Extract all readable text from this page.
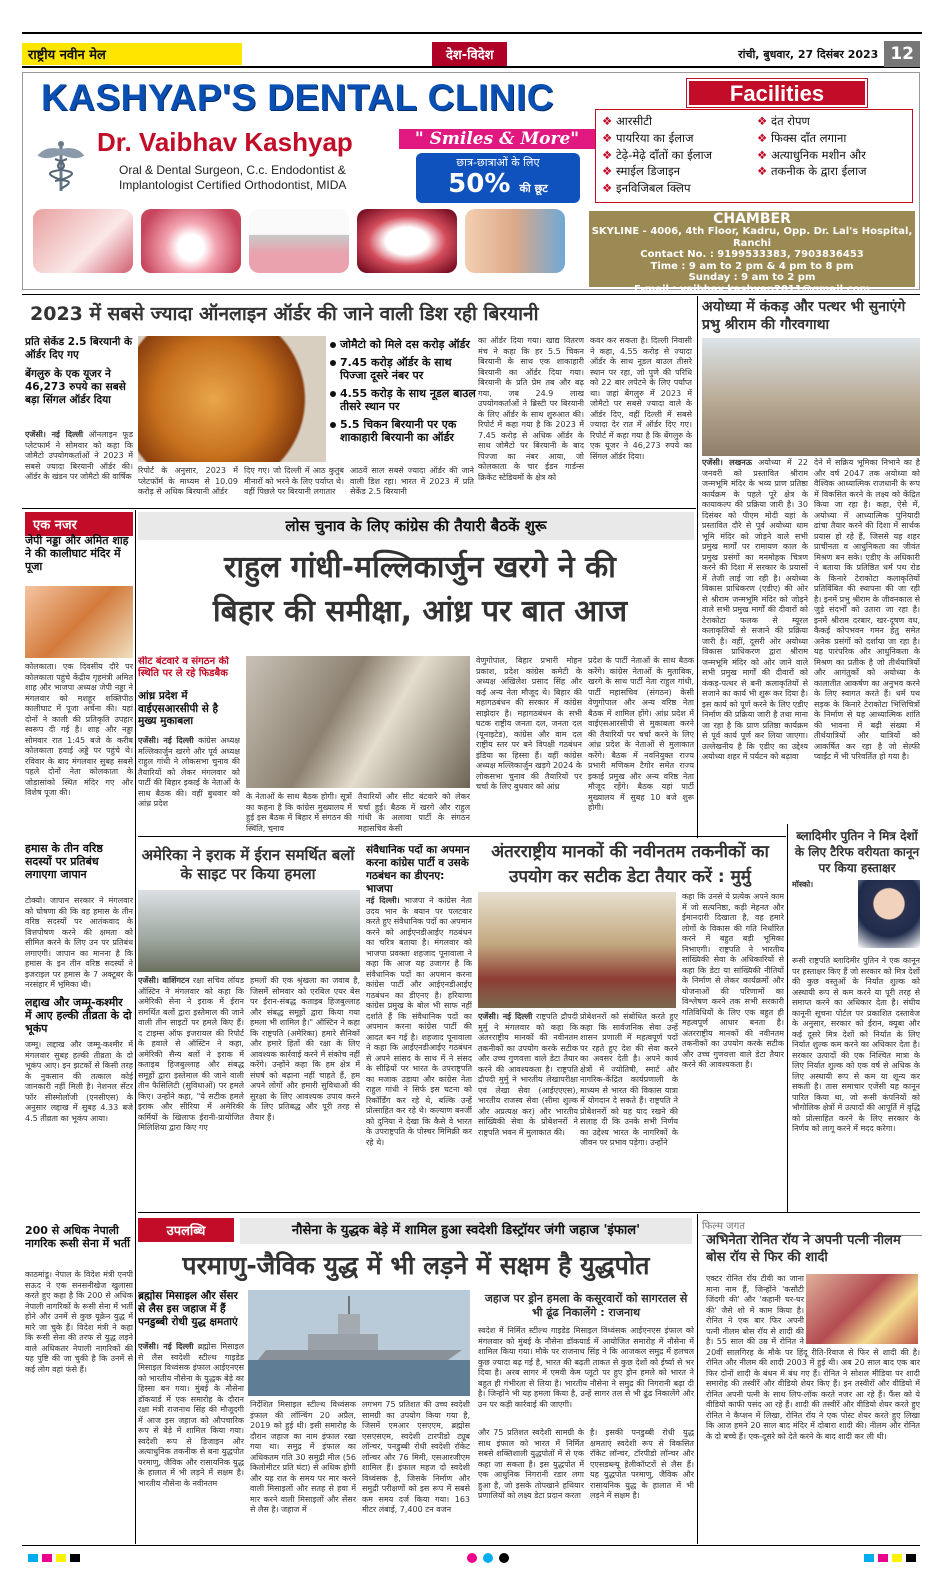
राष्ट्रीय नवीन मेल	देश-विदेश	रांची, बुधवार, 27 दिसंबर 2023 12
KASHYAP'S DENTAL CLINIC
Dr. Vaibhav Kashyap
Oral & Dental Surgeon, C.c. Endodontist &
Implantologist Certified Orthodontist, MIDA
" Smiles & More"
छात्र-छात्राओं के लिए
50% की छूट
Facilities
❖ आरसीटी	❖ दंत रोपण
❖ पायरिया का ईलाज	❖ फिक्स दाँत लगाना
❖ टेढ़े-मेढ़े दाँतों का ईलाज	❖ अत्याधुनिक मशीन और
❖ स्माईल डिजाइन	❖ तकनीक के द्वारा ईलाज
❖ इनविजिबल क्लिप
CHAMBER
SKYLINE - 4006, 4th Floor, Kadru, Opp. Dr. Lal's Hospital, Ranchi
Contact No. : 9199533383, 7903836453
Time : 9 am to 2 pm & 4 pm to 8 pm
Sunday : 9 am to 2 pm
E-mail : vaibhav.kashyap2011@gmail.com
2023 में सबसे ज्यादा ऑनलाइन ऑर्डर की जाने वाली डिश रही बिरयानी
प्रति सेकेंड 2.5 बिरयानी के ऑर्डर दिए गए
बेंगलुरु के एक यूजर ने 46,273 रुपये का सबसे बड़ा सिंगल ऑर्डर दिया
एजेंसी। नई दिल्ली ऑनलाइन फूड प्लेटफार्म ने सोमवार को कहा कि जोमैटो उपयोगकर्ताओं ने 2023 में सबसे ज्यादा बिरयानी ऑर्डर की। ऑर्डर के खंडन पर जोमैटो की वार्षिक
जोमैटो को मिले दस करोड़ ऑर्डर
7.45 करोड़ ऑर्डर के साथ पिज्जा दूसरे नंबर पर
4.55 करोड़ के साथ नूडल बाउल तीसरे स्थान पर
5.5 चिकन बिरयानी पर एक शाकाहारी बिरयानी का ऑर्डर
रिपोर्ट के अनुसार, 2023 में प्लेटफॉर्म के माध्यम से 10.09 करोड़ से अधिक बिरयानी ऑर्डर
दिए गए। जो दिल्ली में आठ कुतुब मीनारों को भरने के लिए पर्याप्त थे। वहीं पिछले पर बिरयानी लगातार
आठवें साल सबसे ज्यादा ऑर्डर की जाने वाली डिश रहा। भारत में 2023 में प्रति सेकेंड 2.5 बिरयानी
का ऑर्डर दिया गया। खाद्य वितरण मंच ने कहा कि हर 5.5 चिकन बिरयानी के साथ एक शाकाहारी बिरयानी का ऑर्डर दिया गया। बिरयानी के प्रति प्रेम तब और बढ़ गया, जब 24.9 लाख उपयोगकर्ताओं ने ब्रिस्टी पर बिरयानी के लिए ऑर्डर के साथ शुरुआत की। रिपोर्ट में कहा गया है कि 2023 में 7.45 करोड़ से अधिक ऑर्डर के साथ जोमैटो पर बिरयानी के बाद पिज्जा का नंबर आया, जो कोलकाता के चार ईडन गार्डन्स क्रिकेट स्टेडियमों के क्षेत्र को
कवर कर सकता है। दिल्ली निवासी ने कहा, 4.55 करोड़ से ज्यादा ऑर्डर के साथ नूडल बाउल तीसरे स्थान पर रहा, जो पुणे की परिधि को 22 बार लपेटने के लिए पर्याप्त था। जहां बेंगलुरु में 2023 में जोमैटो पर सबसे ज्यादा वाले के ऑर्डर दिए, वहीं दिल्ली में सबसे ज्यादा देर रात में ऑर्डर दिए गए। रिपोर्ट में कहा गया है कि बेंगलुरु के एक यूजर ने 46,273 रुपये का सिंगल ऑर्डर दिया।
अयोध्या में कंकड़ और पत्थर भी सुनाएंगे प्रभु श्रीराम की गौरवगाथा
एजेंसी। लखनऊ अयोध्या में 22 जनवरी को प्रस्तावित श्रीराम जन्मभूमि मंदिर के भव्य प्राण प्रतिष्ठा कार्यक्रम के पहले पूरे क्षेत्र के कायाकल्प की प्रक्रिया जारी है। 30 दिसंबर को पीएम मोदी यहां के प्रस्तावित दौरे से पूर्व अयोध्या धाम भूमि मंदिर को जोड़ने वाले सभी प्रमुख मार्गों पर रामायण काल के प्रमुख प्रसंगों का मनमोहक चित्रण करने की दिशा में सरकार के प्रयासों में तेजी लाई जा रही है। अयोध्या विकास प्राधिकरण (एडीए) की ओर से श्रीराम जन्मभूमि मंदिर को जोड़ने वाले सभी प्रमुख मार्गों की दीवारों को टेराकोटा फलक से म्यूरल कलाकृतियों से सजाने की प्रक्रिया जारी है। वहीं, दूसरी ओर अयोध्या विकास प्राधिकरण द्वारा श्रीराम जन्मभूमि मंदिर को ओर जाने वाले सभी प्रमुख मार्गों की दीवारों को कंकड़-पत्थर से बनी कलाकृतियों से सजाने का कार्य भी शुरू कर दिया है। इस कार्य को पूर्ण करने के लिए एडीए निर्माण की प्रक्रिया जारी है तथा माना जा रहा है कि प्राण प्रतिष्ठा कार्यक्रम से पूर्व कार्य पूर्ण कर लिया जाएगा। उल्लेखनीय है कि एडीए का उद्देश्य अयोध्या शहर में पर्यटन को बढ़ावा
देने में सक्रिय भूमिका निभाने का है और वर्ष 2047 तक अयोध्या को वैश्विक आध्यात्मिक राजधानी के रूप में विकसित करने के लक्ष्य को केंद्रित किया जा रहा है। कहा, ऐसे में, अयोध्या में आध्यात्मिक पुनियादी ढांचा तैयार करने की दिशा में सार्थक प्रयास हो रहे हैं, जिससे यह शहर प्राचीनता व आधुनिकता का जीवंत मिश्रण बन सके। एडीए के अधिकारी ने बताया कि प्रतिष्ठित धर्म पथ रोड के किनारे टेराकोटा कलाकृतियों प्रतिविंबित की स्थापना की जा रही है। इनमें प्रभु श्रीराम के जीवनकाल से जुड़े संदर्भों को उतारा जा रहा है। इनमें श्रीराम दरबार, खर-दूषण वध, कैकई कोपभवन गमन हेतु समेत अनेक प्रसंगों को दर्शाया जा रहा है। यह पारंपरिक और आधुनिकता के मिश्रण का प्रतीक है जो तीर्थयात्रियों और आगंतुकों को अयोध्या के कालातीत आकर्षण का अनुभव करने के लिए स्वागत करते हैं। धर्म पथ सड़क के किनारे टेराकोटा भित्तिचित्रों के निर्माण से यह आध्यात्मिक शांति की भावना में बढ़ी संख्या में तीर्थयात्रियों और यात्रियों को आकर्षित कर रहा है जो सेल्फी प्वाईंट में भी परिवर्तित हो गया है।
एक नजर
जेपी नड्डा और अमित शाह ने की कालीघाट मंदिर में पूजा
कोलकाता। एक दिवसीय दौरे पर कोलकाता पहुंचे केंद्रीय गृहमंत्री अमित शाह और भाजपा अध्यक्ष जेपी नड्डा ने मंगलवार को मशहूर शक्तिपीठ कालीघाट में पूजा अर्चना की। यहां दोनों ने काली की प्रतिकृति उपहार स्वरूप दी गई है। शाह और नड्डा सोमवार रात 1:45 बजे के करीब कोलकाता हवाई अड्डे पर पहुंचे थे। रविवार के बाद मंगलवार सुबह सबसे पहले दोनों नेता कोलकाता के जोड़ासांको स्थित मंदिर गए और विशेष पूजा की।
हमास के तीन वरिष्ठ सदस्यों पर प्रतिबंध लगाएगा जापान
टोक्यो। जापान सरकार ने मंगलवार को घोषणा की कि वह हमास के तीन वरिष्ठ सदस्यों पर आतंकवाद के वित्तपोषण करने की क्षमता को सीमित करने के लिए उन पर प्रतिबंध लगाएगी। जापान का मानना है कि हमास के इन तीन वरिष्ठ सदस्यों ने इजराइल पर हमास के 7 अक्टूबर के नरसंहार में भूमिका थी।
लद्दाख और जम्मू-कश्मीर में आए हल्की तीव्रता के दो भूकंप
जम्मू। लद्दाख और जम्मू-कश्मीर में मंगलवार सुबह हल्की तीव्रता के दो भूकंप आए। इन झटकों से किसी तरह के नुकसान की तत्काल कोई जानकारी नहीं मिली है। नेशनल सेंटर फॉर सीस्मोलॉजी (एनसीएस) के अनुसार लद्दाख में सुबह 4.33 बजे 4.5 तीव्रता का भूकंप आया।
200 से अधिक नेपाली नागरिक रूसी सेना में भर्ती
काठमांडू। नेपाल के विदेश मंत्री एनपी सऊद ने एक सनसनीखेज खुलासा करते हुए कहा है कि 200 से अधिक नेपाली नागरिकों के रूसी सेना में भर्ती होने और उनमें से कुछ यूक्रेन युद्ध में मारे जा चुके हैं। विदेश मंत्री ने कहा कि रूसी सेना की तरफ से युद्ध लड़ने वाले अधिकतर नेपाली नागरिकों की यह पुष्टि की जा चुकी है कि उनमें से कई लोग वहां फंसे हैं।
लोस चुनाव के लिए कांग्रेस की तैयारी बैठकें शुरू
राहुल गांधी-मल्लिकार्जुन खरगे ने की
बिहार की समीक्षा, आंध्र पर बात आज
सीट बंटवारे व संगठन की स्थिति पर ले रहे फिडबैक
आंध्र प्रदेश में वाईएसआरसीपी से है मुख्य मुकाबला
एजेंसी। नई दिल्ली कांग्रेस अध्यक्ष मल्लिकार्जुन खरगे और पूर्व अध्यक्ष राहुल गांधी ने लोकसभा चुनाव की तैयारियों को लेकर मंगलवार को पार्टी की बिहार इकाई के नेताओं के साथ बैठक की। वहीं बुधवार को आंध्र प्रदेश
के नेताओं के साथ बैठक होगी। सूत्रों का कहना है कि कांग्रेस मुख्यालय में हुई इस बैठक में बिहार में संगठन की स्थिति, चुनाव
तैयारियों और सीट बंटवारे को लेकर चर्चा हुई। बैठक में खरगे और राहुल गांधी के अलावा पार्टी के संगठन महासचिव केसी
वेणुगोपाल, बिहार प्रभारी मोहन प्रकाश, प्रदेश कांग्रेस कमेटी के अध्यक्ष अखिलेश प्रसाद सिंह और कई अन्य नेता मौजूद थे। बिहार की महागठबंधन की सरकार में कांग्रेस साझेदार है। महागठबंधन के सभी घटक राष्ट्रीय जनता दल, जनता दल (यूनाइटेड), कांग्रेस और वाम दल राष्ट्रीय स्तर पर बने विपक्षी गठबंधन इंडिया का हिस्सा हैं। वहीं कांग्रेस अध्यक्ष मल्लिकार्जुन खड़गे 2024 के लोकसभा चुनाव की तैयारियों पर चर्चा के लिए बुधवार को आंध्र
प्रदेश के पार्टी नेताओं के साथ बैठक करेंगे। कांग्रेस नेताओं के मुताबिक, खरगे के साथ पार्टी नेता राहुल गांधी, पार्टी महासचिव (संगठन) केसी वेणुगोपाल और अन्य वरिष्ठ नेता बैठक में शामिल होंगे। आंध्र प्रदेश में वाईएसआरसीपी से मुकाबला करने की तैयारियों पर चर्चा करने के लिए आंध्र प्रदेश के नेताओं से मुलाकात करेंगे। बैठक में नवनियुक्त राज्य प्रभारी मणिकम टैगोर समेत राज्य इकाई प्रमुख और अन्य वरिष्ठ नेता मौजूद रहेंगे। बैठक यहां पार्टी मुख्यालय में सुबह 10 बजे शुरू होगी।
अमेरिका ने इराक में ईरान समर्थित बलों के साइट पर किया हमला
एजेंसी। वाशिंगटन रक्षा सचिव लॉयड ऑस्टिन ने मंगलवार को कहा कि अमेरिकी सेना ने इराक में ईरान समर्थित बलों द्वारा इस्तेमाल की जाने वाली तीन साइटों पर हमले किए हैं। द टाइम्स ऑफ इजरायल की रिपोर्ट के हवाले से ऑस्टिन ने कहा, अमेरिकी सैन्य बलों ने इराक में कताइब हिजबुल्लाह और संबद्ध समूहों द्वारा इस्तेमाल की जाने वाली तीन फैसिलिटी (सुविधाओं) पर हमले किए। उन्होंने कहा, "ये सटीक हमले इराक और सीरिया में अमेरिकी कर्मियों के खिलाफ ईरानी-प्रायोजित मिलिशिया द्वारा किए गए
हमलों की एक श्रृंखला का जवाब है, जिसमें सोमवार को एरबिल एयर बेस पर ईरान-संबद्ध कताइब हिजबुल्लाह और संबद्ध समूहों द्वारा किया गया हमला भी शामिल है।" ऑस्टिन ने कहा कि राष्ट्रपति (अमेरिका) हमारे सैनिकों और हमारे हितों की रक्षा के लिए आवश्यक कार्रवाई करने में संकोच नहीं करेंगे। उन्होंने कहा कि हम क्षेत्र में संघर्ष को बढ़ाना नहीं चाहते हैं, हम अपने लोगों और हमारी सुविधाओं की सुरक्षा के लिए आवश्यक उपाय करने के लिए प्रतिबद्ध और पूरी तरह से तैयार हैं।
संवैधानिक पदों का अपमान करना कांग्रेस पार्टी व उसके गठबंधन का डीएनए: भाजपा
नई दिल्ली। भाजपा ने कांग्रेस नेता उदय भान के बयान पर पलटवार करते हुए संवैधानिक पदों का अपमान करने को आईएनडीआईए गठबंधन का चरित्र बताया है। मंगलवार को भाजपा प्रवक्ता शहजाद पूनावाला ने कहा कि आज यह उजागर है कि संवैधानिक पदों का अपमान करना कांग्रेस पार्टी और आईएनडीआईए गठबंधन का डीएनए है। हरियाणा कांग्रेस प्रमुख के बोल भी साफ नहीं दर्शाते हैं कि संवैधानिक पदों का अपमान करना कांग्रेस पार्टी की आदत बन गई है। शहजाद पूनावाला ने कहा कि आईएनडीआईए गठबंधन से अपने सांसद के साथ में ने संसद के सीढ़ियों पर भारत के उपराष्ट्रपति का मजाक उड़ाया और कांग्रेस नेता राहुल गांधी ने सिर्फ इस घटना को रिकॉर्डिंग कर रहे थे, बल्कि उन्हें प्रोत्साहित कर रहे थे। कल्याण बनर्जी को दुनिया ने देखा कि कैसे वे भारत के उपराष्ट्रपति के पोस्चर मिमिक्री कर रहे थे।
अंतरराष्ट्रीय मानकों की नवीनतम तकनीकों का उपयोग कर सटीक डेटा तैयार करें : मुर्मु
कहा कि उनसे ये प्रत्येक अपने काम में जो सत्यनिष्ठा, कड़ी मेहनत और ईमानदारी दिखाता है, वह हमारे लोगों के विकास की गति निर्धारित करने में बहुत बड़ी भूमिका निभाएगी। राष्ट्रपति ने भारतीय सांख्यिकी सेवा के अधिकारियों से कहा कि डेटा या सांख्यिकी नीतियों के निर्माण से लेकर कार्यक्रमों और योजनाओं की परिणामों का विश्लेषण करने तक सभी सरकारी गतिविधियों के लिए एक बहुत ही महत्वपूर्ण आधार बनता है। अंतरराष्ट्रीय मानकों की नवीनतम तकनीकों का उपयोग करके सटीक और उच्च गुणवत्ता वाले डेटा तैयार करने की आवश्यकता है।
एजेंसी। नई दिल्ली राष्ट्रपति द्रौपदी मुर्मु ने मंगलवार को कहा कि अंतरराष्ट्रीय मानकों की नवीनतम तकनीकों का उपयोग करके सटीक और उच्च गुणवत्ता वाले डेटा तैयार करने की आवश्यकता है। राष्ट्रपति द्रौपदी मुर्मु ने भारतीय लेखापरीक्षा एवं लेखा सेवा (आईएएएस), भारतीय राजस्व सेवा (सीमा शुल्क और अप्रत्यक्ष कर) और भारतीय सांख्यिकी सेवा के प्रोबेशनरों ने राष्ट्रपति भवन में मुलाकात की।
प्रोबेशनरों को संबोधित करते हुए कहा कि सार्वजनिक सेवा उन्हें शासन प्रणाली में महत्वपूर्ण पदों पर रहते हुए देश की सेवा करने का अवसर देती है। अपने कार्य क्षेत्रों में ज्योतिषी, स्मार्ट और नागरिक-केंद्रित कार्यप्रणाली के माध्यम से भारत की विकास यात्रा में योगदान दे सकते हैं। राष्ट्रपति ने प्रोबेशनरों को यह याद रखने की सलाह दी कि उनके सभी निर्णय का उद्देश्य भारत के नागरिकों के जीवन पर प्रभाव पड़ेगा। उन्होंने
ब्लादिमीर पुतिन ने मित्र देशों के लिए टैरिफ वरीयता कानून पर किया हस्ताक्षर
मॉस्को।
रूसी राष्ट्रपति ब्लादिमीर पुतिन ने एक कानून पर हस्ताक्षर किए हैं जो सरकार को मित्र देशों की कुछ वस्तुओं के निर्यात शुल्क को अस्थायी रूप से कम करने या पूरी तरह से समाप्त करने का अधिकार देता है। संघीय कानूनी सूचना पोर्टल पर प्रकाशित दस्तावेज के अनुसार, सरकार को ईरान, क्यूबा और कई दूसरे मित्र देशों को निर्यात के लिए निर्यात शुल्क कम करने का अधिकार देता है। सरकार उत्पादों की एक निश्चित मात्रा के लिए निर्यात शुल्क को एक वर्ष से अधिक के लिए अस्थायी रूप से कम या शून्य कर सकती है। तास समाचार एजेंसी यह कानून पारित किया था, जो रूसी कंपनियों को भौगोलिक क्षेत्रों में उत्पादों की आपूर्ति में वृद्धि को प्रोत्साहित करने के लिए सरकार के निर्णय को लागू करने में मदद करेगा।
उपलब्धि	नौसेना के युद्धक बेड़े में शामिल हुआ स्वदेशी डिस्ट्रॉयर जंगी जहाज 'इंफाल'
परमाणु-जैविक युद्ध में भी लड़ने में सक्षम है युद्धपोत
ब्रह्मोस मिसाइल और सेंसर से लैस इस जहाज में हैं पनडुब्बी रोधी युद्ध क्षमताएं
एजेंसी। नई दिल्ली ब्रह्मोस मिसाइल से लैस स्वदेशी स्टील्थ गाइडेड मिसाइल विध्वंसक इंफाल आईएनएस को भारतीय नौसेना के युद्धक बेड़े का हिस्सा बन गया। मुंबई के नौसेना डॉकयार्ड में एक समारोह के दौरान रक्षा मंत्री राजनाथ सिंह की मौजूदगी में आज इस जहाज को औपचारिक रूप से बेड़े में शामिल किया गया। स्वदेशी रूप से डिजाइन और अत्याधुनिक तकनीक से बना युद्धपोत परमाणु, जैविक और रासायनिक युद्ध के हालात में भी लड़ने में सक्षम है। भारतीय नौसेना के नवीनतम
निर्देशित मिसाइल स्टील्थ विध्वंसक इंफाल की लॉन्चिंग 20 अप्रैल, 2019 को हुई थी। इसी समारोह के दौरान जहाज का नाम इंफाल रखा गया था। समुद्र में इंफाल का अधिकतम गति 30 समुद्री मील (56 किलोमीटर प्रति घंटा) से अधिक होगी और यह रात के समय पर मार करने वाली मिसाइलों और सतह से हवा में मार करने वाली मिसाइलों और सेंसर से लैस है। जहाज में
लगभग 75 प्रतिशत की उच्च स्वदेशी सामग्री का उपयोग किया गया है, जिसमें एमआर एसएएम, ब्रह्मोस एसएसएम, स्वदेशी टारपीडो ट्यूब लॉन्चर, पनडुब्बी रोधी स्वदेशी रॉकेट लॉन्चर और 76 मिमी, एसआरजीएम शामिल हैं। इंफाल महज दो स्वदेशी विध्वंसक है, जिसके निर्माण और समुद्री परीक्षणों को इस रूप में सबसे कम समय दर्ज किया गया। 163 मीटर लंबाई, 7,400 टन वजन
जहाज पर ड्रोन हमला के कसूरवारों को सागरतल से भी ढूंढ निकालेंगे : राजनाथ
स्वदेश में निर्मित स्टील्थ गाइडेड मिसाइल विध्वंसक आईएनएस इंफाल को मंगलवार को मुंबई के नौसेना डॉकयार्ड में आयोजित समारोह में नौसेना में शामिल किया गया। मौके पर राजनाथ सिंह ने कि आजकल समुद्र में हलचल कुछ ज्यादा बढ़ गई है, भारत की बढ़ती ताकत से कुछ देशों को ईर्ष्या से भर दिया है। अरब सागर में एमवी केम प्लूटो पर हुए ड्रोन हमले को भारत ने बहुत ही गंभीरता से लिया है। भारतीय नौसेना ने समुद्र की निगरानी बढ़ा दी है। जिन्होंने भी यह हमला किया है, उन्हें सागर तल से भी ढूंढ निकालेंगे और उन पर कड़ी कार्रवाई की जाएगी।
और 75 प्रतिशत स्वदेशी सामग्री के साथ इंफाल को भारत में निर्मित सबसे शक्तिशाली युद्धपोतों में से एक कहा जा सकता है। इस युद्धपोत में एक आधुनिक निगरानी रडार लगा हुआ है, जो इसके तोपखाने हथियार प्रणालियों को लक्ष्य डेटा प्रदान करता
है। इसकी पनडुब्बी रोधी युद्ध क्षमताएं स्वदेशी रूप से विकसित रॉकेट लॉन्चर, टॉरपीडो लॉन्चर और एएसडब्ल्यू हेलीकॉप्टरों से लैस हैं। यह युद्धपोत परमाणु, जैविक और रासायनिक युद्ध के हालात में भी लड़ने में सक्षम है।
फिल्म जगत
अभिनेता रोनित रॉय ने अपनी पत्नी नीलम बोस रॉय से फिर की शादी
एक्टर रोनित रॉय टीवी का जाना माना नाम हैं, जिन्होंने 'कसौटी जिंदगी की' और 'कहानी घर-घर की' जैसे शो में काम किया है। रोनित ने एक बार फिर अपनी पत्नी नीलम बोस रॉय से शादी की है। 55 साल की उम्र में रोनित ने 20वीं सालगिरह के मौके पर हिंदू रीति-रिवाज से फिर से शादी की है। रोनित और नीलम की शादी 2003 में हुई थी। अब 20 साल बाद एक बार फिर दोनों शादी के बंधन में बंध गए हैं। रोनित ने सोशल मीडिया पर शादी समारोह की तस्वीरें और वीडियो शेयर किए हैं। इन तस्वीरों और वीडियो में रोनित अपनी पत्नी के साथ लिप-लॉक करते नजर आ रहे हैं। फैंस को ये वीडियो काफी पसंद आ रहे हैं। शादी की तस्वीरें और वीडियो शेयर करते हुए रोनित ने कैप्शन में लिखा, रोनित रॉय ने एक पोस्ट शेयर करते हुए लिखा कि आज हमने 20 साल बाद मंदिर में दोबारा शादी की। नीलम और रोनित के दो बच्चे हैं। एक-दूसरे को देते करने के बाद शादी कर ली थी।
